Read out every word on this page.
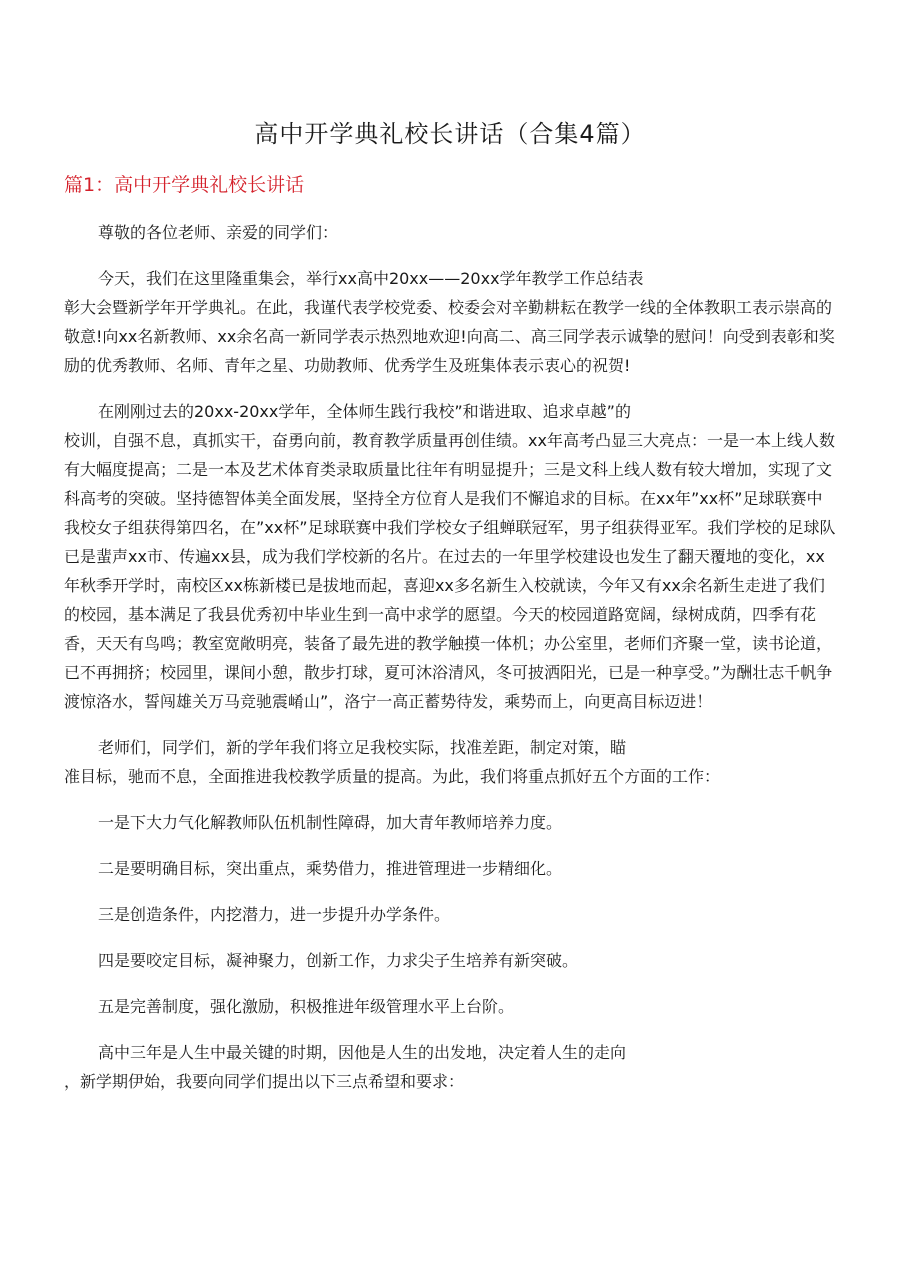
高中开学典礼校长讲话（合集4篇）
篇1：高中开学典礼校长讲话

尊敬的各位老师、亲爱的同学们：

今天，我们在这里隆重集会，举行xx高中20xx——20xx学年教学工作总结表
彰大会暨新学年开学典礼。在此，我谨代表学校党委、校委会对辛勤耕耘在教学一线的全体教职工表示崇高的敬意!向xx名新教师、xx余名高一新同学表示热烈地欢迎!向高二、高三同学表示诚挚的慰问！向受到表彰和奖励的优秀教师、名师、青年之星、功勋教师、优秀学生及班集体表示衷心的祝贺!

在刚刚过去的20xx-20xx学年，全体师生践行我校”和谐进取、追求卓越”的
校训，自强不息，真抓实干，奋勇向前，教育教学质量再创佳绩。xx年高考凸显三大亮点：一是一本上线人数有大幅度提高；二是一本及艺术体育类录取质量比往年有明显提升；三是文科上线人数有较大增加，实现了文科高考的突破。坚持德智体美全面发展，坚持全方位育人是我们不懈追求的目标。在xx年”xx杯”足球联赛中我校女子组获得第四名，在”xx杯”足球联赛中我们学校女子组蝉联冠军，男子组获得亚军。我们学校的足球队已是蜚声xx市、传遍xx县，成为我们学校新的名片。在过去的一年里学校建设也发生了翻天覆地的变化，xx年秋季开学时，南校区xx栋新楼已是拔地而起，喜迎xx多名新生入校就读，今年又有xx余名新生走进了我们的校园，基本满足了我县优秀初中毕业生到一高中求学的愿望。今天的校园道路宽阔，绿树成荫，四季有花香，天天有鸟鸣；教室宽敞明亮，装备了最先进的教学触摸一体机；办公室里，老师们齐聚一堂，读书论道，已不再拥挤；校园里，课间小憩，散步打球，夏可沐浴清风，冬可披洒阳光，已是一种享受。”为酬壮志千帆争渡惊洛水，誓闯雄关万马竞驰震崤山”，洛宁一高正蓄势待发，乘势而上，向更高目标迈进！

老师们，同学们，新的学年我们将立足我校实际，找准差距，制定对策，瞄
准目标，驰而不息，全面推进我校教学质量的提高。为此，我们将重点抓好五个方面的工作：

一是下大力气化解教师队伍机制性障碍，加大青年教师培养力度。

二是要明确目标，突出重点，乘势借力，推进管理进一步精细化。

三是创造条件，内挖潜力，进一步提升办学条件。

四是要咬定目标，凝神聚力，创新工作，力求尖子生培养有新突破。

五是完善制度，强化激励，积极推进年级管理水平上台阶。

高中三年是人生中最关键的时期，因他是人生的出发地，决定着人生的走向
，新学期伊始，我要向同学们提出以下三点希望和要求：
